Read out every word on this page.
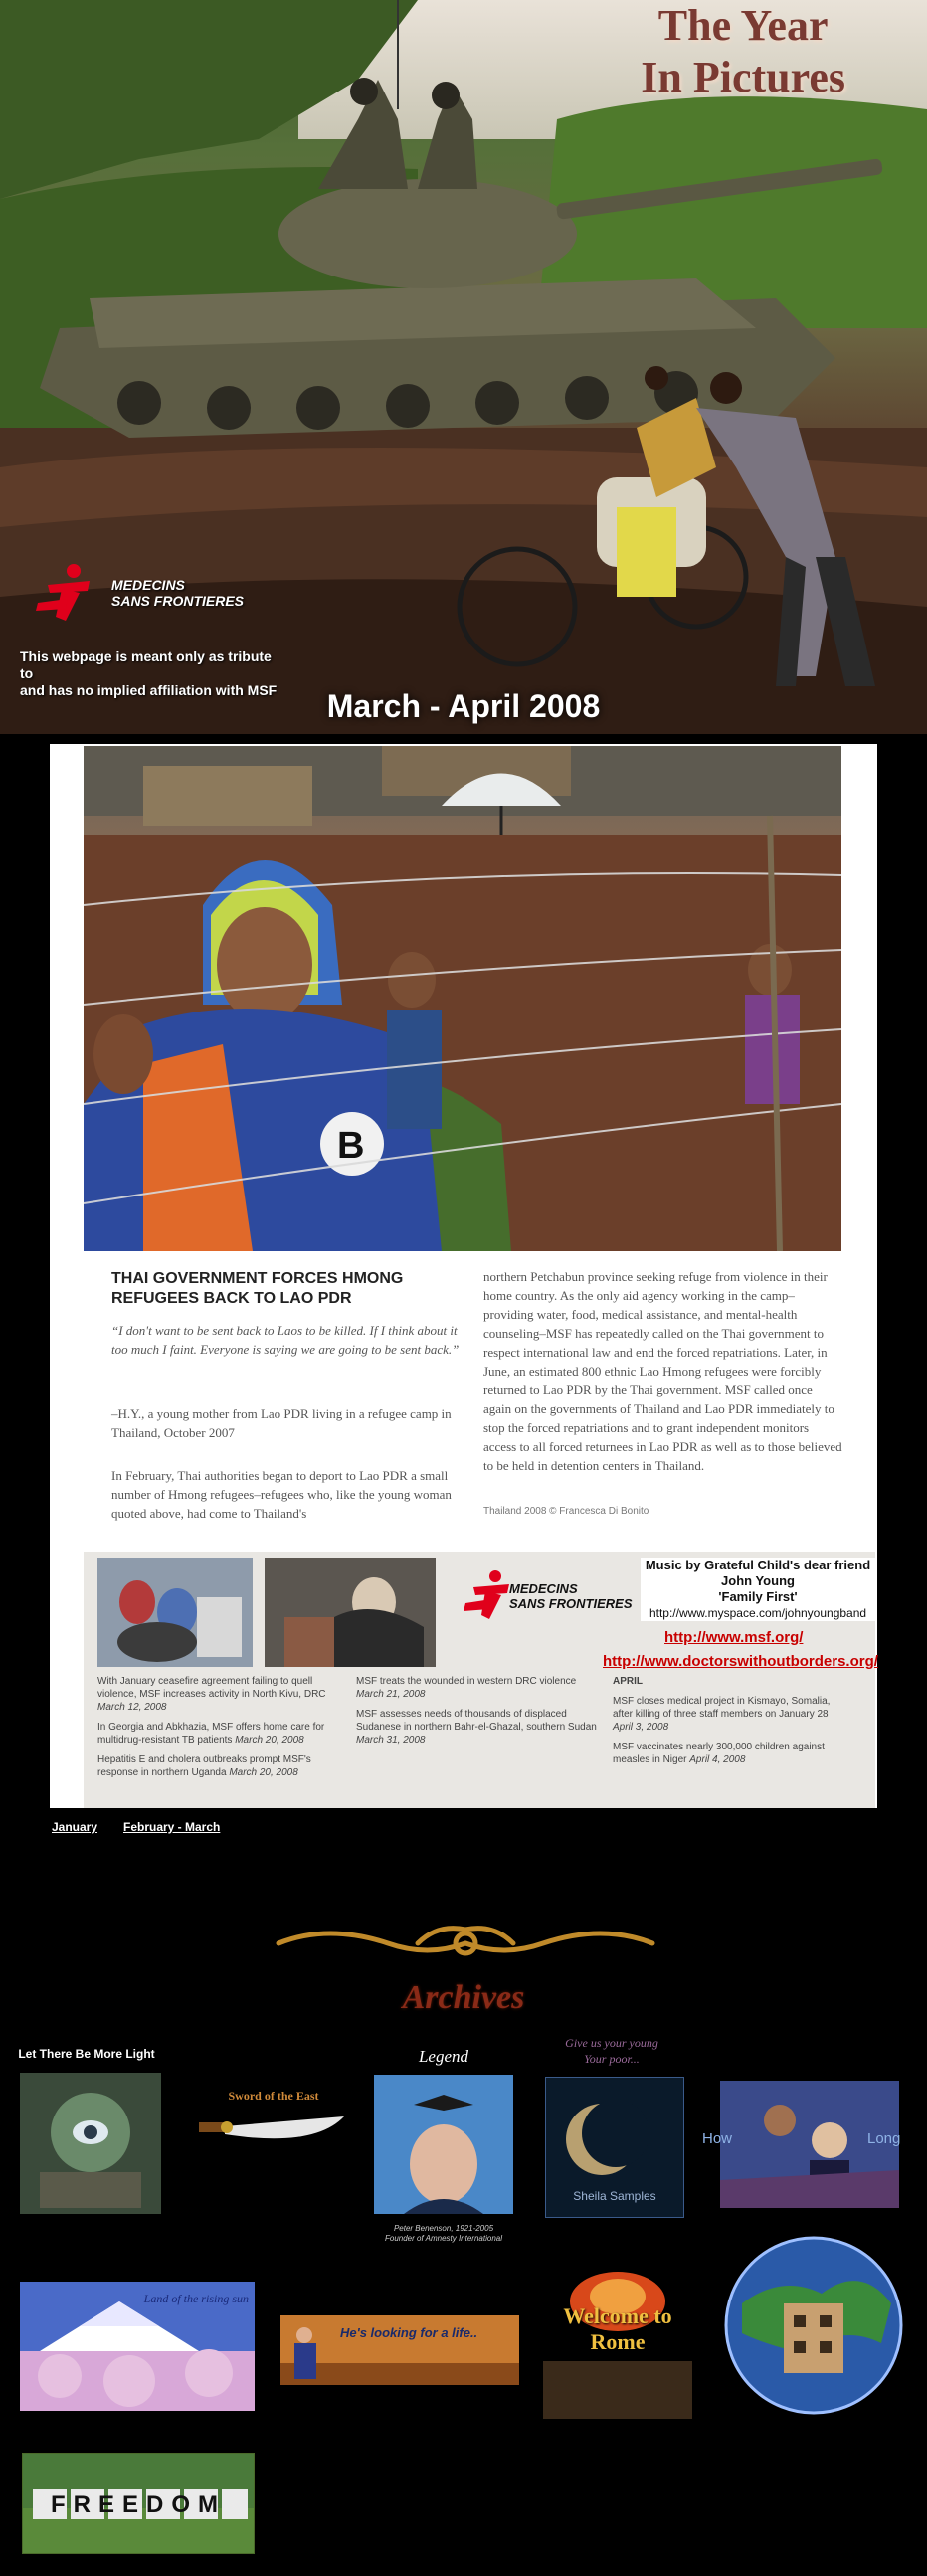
The Year
In Pictures
MEDECINS
SANS FRONTIERES
This webpage is meant only as tribute to
and has no implied affiliation with MSF	March - April 2008
B
THAI GOVERNMENT FORCES HMONG
REFUGEES BACK TO LAO PDR
“I don't want to be sent back to Laos to be killed. If I think about it too much I faint. Everyone is saying we are going to be sent back.”
–H.Y., a young mother from Lao PDR living in a refugee camp in Thailand, October 2007
In February, Thai authorities began to deport to Lao PDR a small number of Hmong refugees–refugees who, like the young woman quoted above, had come to Thailand's
northern Petchabun province seeking refuge from violence in their home country. As the only aid agency working in the camp–providing water, food, medical assistance, and mental-health counseling–MSF has repeatedly called on the Thai government to respect international law and end the forced repatriations. Later, in June, an estimated 800 ethnic Lao Hmong refugees were forcibly returned to Lao PDR by the Thai government. MSF called once again on the governments of Thailand and Lao PDR immediately to stop the forced repatriations and to grant independent monitors access to all forced returnees in Lao PDR as well as to those believed to be held in detention centers in Thailand.
Thailand 2008 © Francesca Di Bonito
MEDECINS
SANS FRONTIERES
Music by Grateful Child's dear friend
John Young
'Family First'
http://www.myspace.com/johnyoungband
http://www.msf.org/
http://www.doctorswithoutborders.org/

With January ceasefire agreement failing to quell violence, MSF increases activity in North Kivu, DRC March 12, 2008

In Georgia and Abkhazia, MSF offers home care for multidrug-resistant TB patients March 20, 2008

Hepatitis E and cholera outbreaks prompt MSF's response in northern Uganda March 20, 2008

MSF treats the wounded in western DRC violence
March 21, 2008

MSF assesses needs of thousands of displaced Sudanese in northern Bahr-el-Ghazal, southern Sudan
March 31, 2008

APRIL

MSF closes medical project in Kismayo, Somalia, after killing of three staff members on January 28 April 3, 2008

MSF vaccinates nearly 300,000 children against measles in Niger April 4, 2008

January February - March
Archives
Let There Be More Light
Sword of the East
Legend
Peter Benenson, 1921-2005
Founder of Amnesty International
Give us your young
Your poor...
Sheila Samples
How	Long
Land of the rising sun
He's looking for a life..
Welcome to
Rome
FREEDOM
